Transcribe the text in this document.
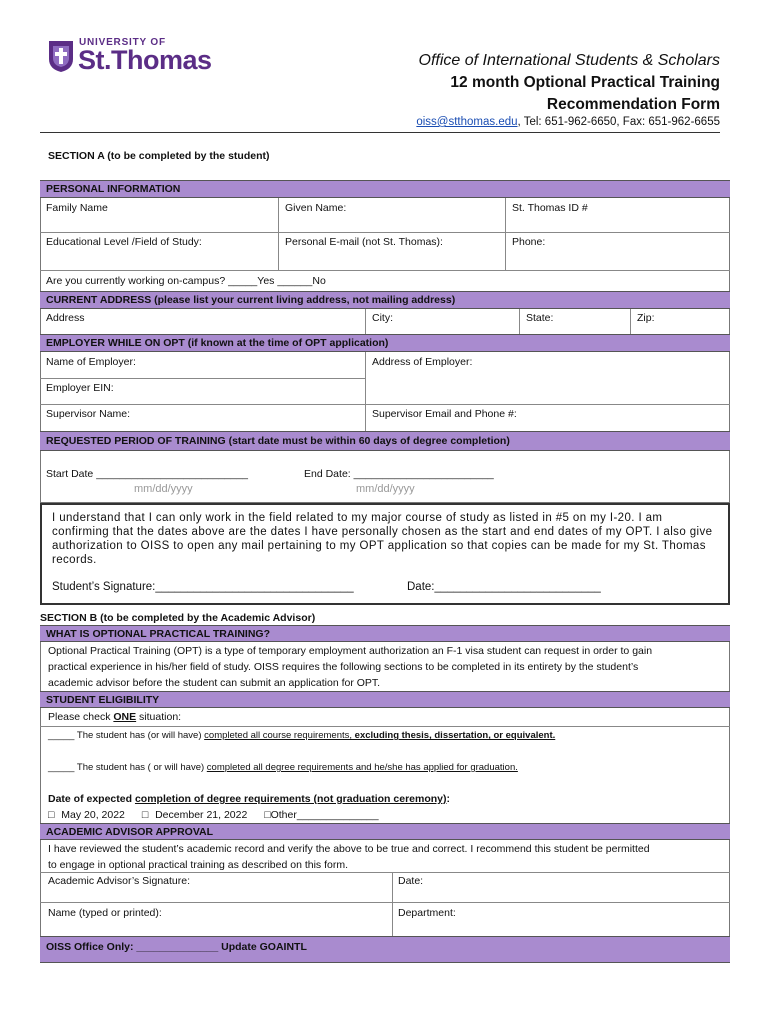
UNIVERSITY OF
St.Thomas	Office of International Students & Scholars
12 month Optional Practical Training
Recommendation Form
oiss@stthomas.edu, Tel: 651-962-6650, Fax: 651-962-6655
SECTION A (to be completed by the student)
PERSONAL INFORMATION
Family Name	Given Name:	St. Thomas ID #
Educational Level /Field of Study:	Personal E-mail (not St. Thomas):	Phone:
Are you currently working on-campus? _____Yes ______No
CURRENT ADDRESS (please list your current living address, not mailing address)
Address	City:	State:	Zip:
EMPLOYER WHILE ON OPT (if known at the time of OPT application)
Name of Employer:	Address of Employer:
Employer EIN:
Supervisor Name:	Supervisor Email and Phone #:
REQUESTED PERIOD OF TRAINING (start date must be within 60 days of degree completion)
Start Date __________________________	End Date: ________________________
mm/dd/yyyy	mm/dd/yyyy
I understand that I can only work in the field related to my major course of study as listed in #5 on my I-20. I am confirming that the dates above are the dates I have personally chosen as the start and end dates of my OPT. I also give authorization to OISS to open any mail pertaining to my OPT application so that copies can be made for my St. Thomas records.
Student’s Signature:_______________________________	Date:__________________________
SECTION B (to be completed by the Academic Advisor)
WHAT IS OPTIONAL PRACTICAL TRAINING?
Optional Practical Training (OPT) is a type of temporary employment authorization an F-1 visa student can request in order to gain
practical experience in his/her field of study. OISS requires the following sections to be completed in its entirety by the student’s
academic advisor before the student can submit an application for OPT.
STUDENT ELIGIBILITY
Please check ONE situation:
_____ The student has (or will have) completed all course requirements, excluding thesis, dissertation, or equivalent.
_____ The student has ( or will have) completed all degree requirements and he/she has applied for graduation.
Date of expected completion of degree requirements (not graduation ceremony):
□ May 20, 2022 □ December 21, 2022 □Other______________
ACADEMIC ADVISOR APPROVAL
I have reviewed the student’s academic record and verify the above to be true and correct. I recommend this student be permitted
to engage in optional practical training as described on this form.
Academic Advisor’s Signature:	Date:
Name (typed or printed):	Department:
OISS Office Only: ______________ Update GOAINTL
